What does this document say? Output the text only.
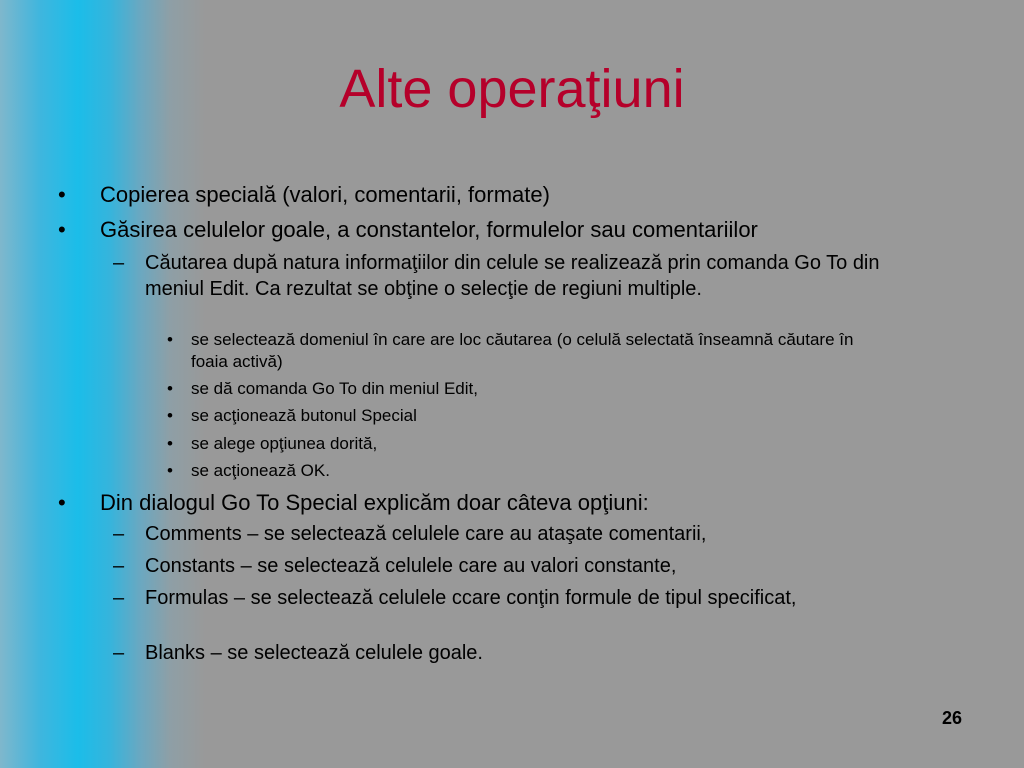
Alte operaţiuni
• Copierea specială (valori, comentarii, formate)
• Găsirea celulelor goale, a constantelor, formulelor sau comentariilor
– Căutarea după natura informaţiilor din celule se realizează prin comanda Go To din meniul Edit. Ca rezultat se obţine o selecţie de regiuni multiple.
• se selectează domeniul în care are loc căutarea (o celulă selectată înseamnă căutare în foaia activă)
• se dă comanda Go To din meniul Edit,
• se acţionează butonul Special
• se alege opţiunea dorită,
• se acţionează OK.
• Din dialogul Go To Special explicăm doar câteva opţiuni:
– Comments – se selectează celulele care au ataşate comentarii,
– Constants – se selectează celulele care au valori constante,
– Formulas – se selectează celulele ccare conţin formule de tipul specificat,
– Blanks – se selectează celulele goale.
26
